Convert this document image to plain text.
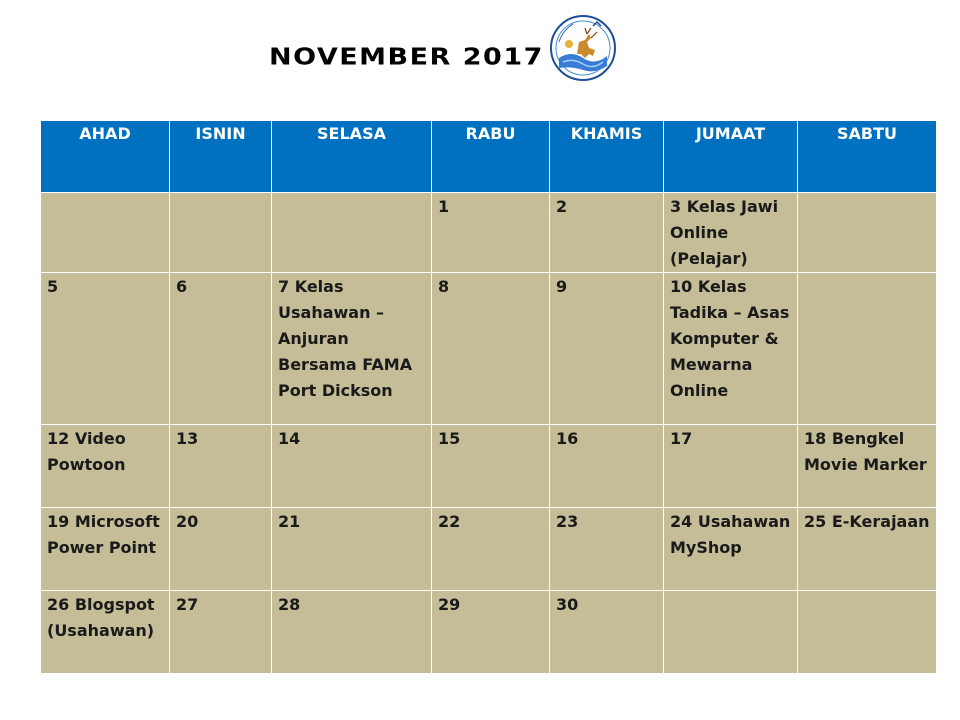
NOVEMBER 2017
AHAD	ISNIN	SELASA	RABU	KHAMIS	JUMAAT	SABTU
			1	2	3 Kelas Jawi Online (Pelajar)	
5	6	7 Kelas Usahawan – Anjuran Bersama FAMA Port Dickson	8	9	10 Kelas Tadika – Asas Komputer & Mewarna Online	
12 Video Powtoon	13	14	15	16	17	18 Bengkel Movie Marker
19 Microsoft Power Point	20	21	22	23	24 Usahawan MyShop	25 E-Kerajaan
26 Blogspot (Usahawan)	27	28	29	30		
